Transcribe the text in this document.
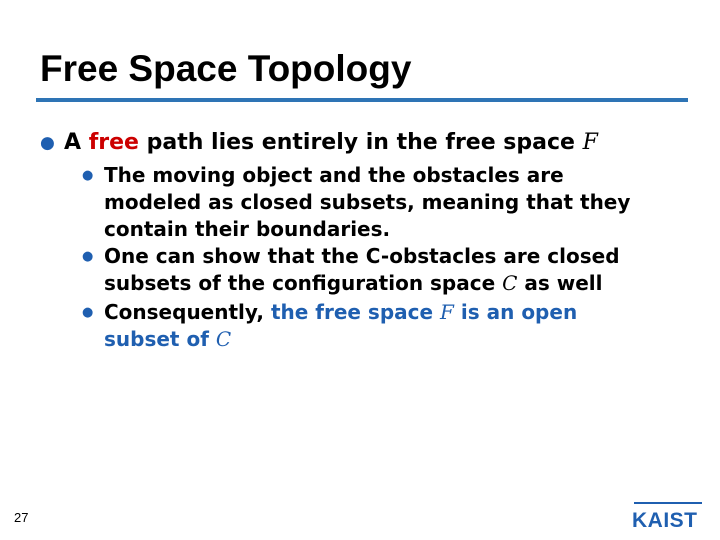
Free Space Topology
● A free path lies entirely in the free space F
● The moving object and the obstacles are
modeled as closed subsets, meaning that they
contain their boundaries.
● One can show that the C-obstacles are closed
subsets of the configuration space C as well
● Consequently, the free space F is an open
subset of C
27	KAIST
